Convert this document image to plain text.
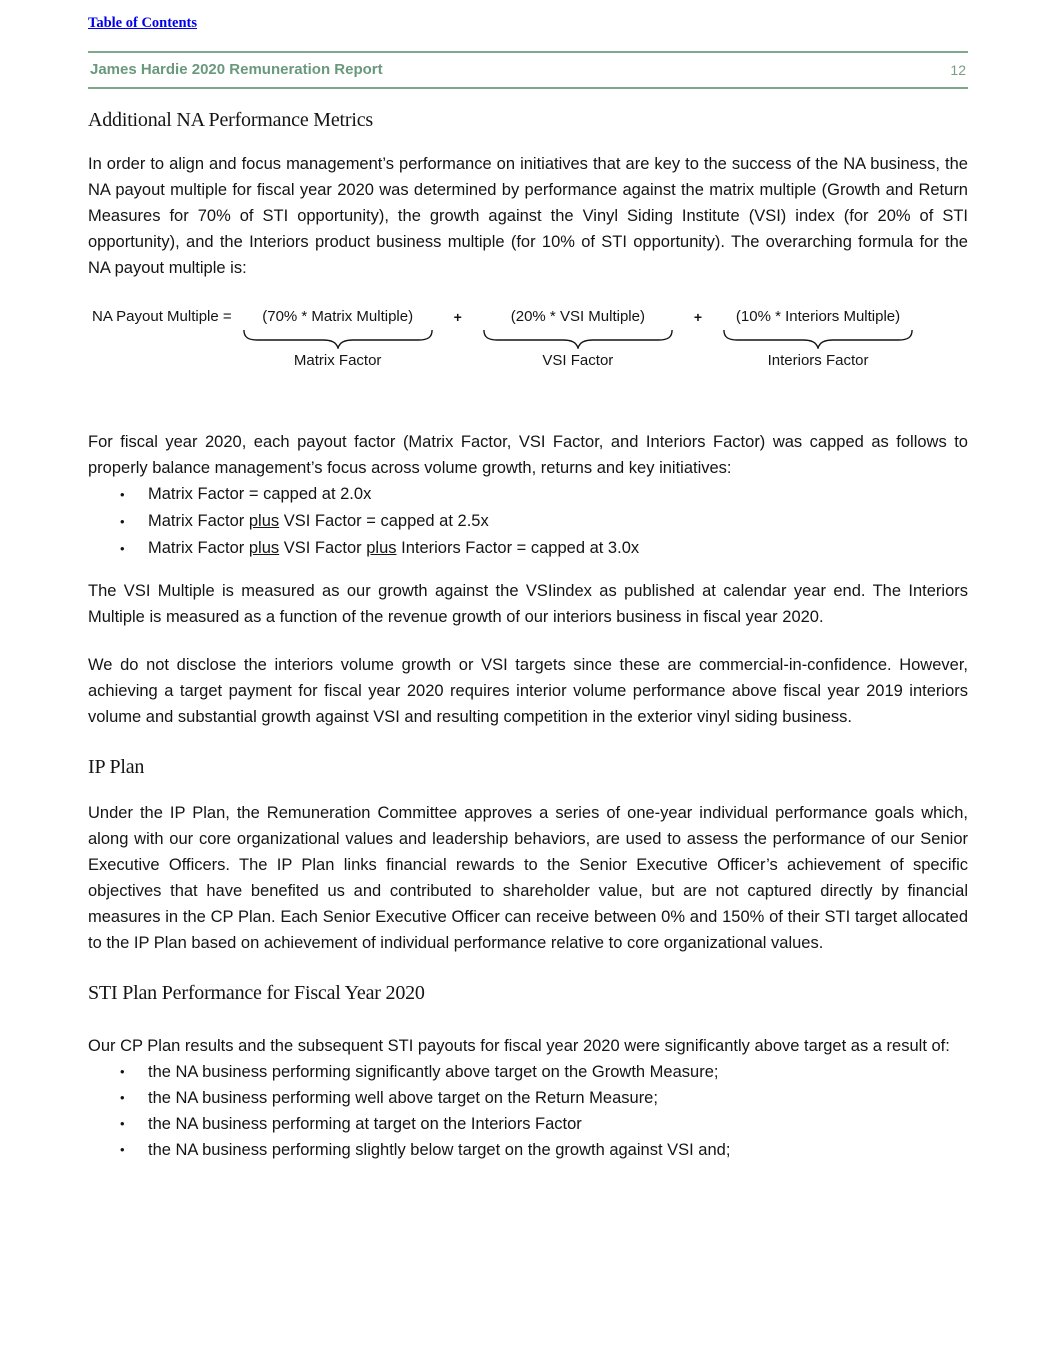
Table of Contents
James Hardie 2020 Remuneration Report	12
Additional NA Performance Metrics

In order to align and focus management’s performance on initiatives that are key to the success of the NA business, the NA payout multiple for fiscal year 2020 was determined by performance against the matrix multiple (Growth and Return Measures for 70% of STI opportunity), the growth against the Vinyl Siding Institute (VSI) index (for 20% of STI opportunity), and the Interiors product business multiple (for 10% of STI opportunity). The overarching formula for the NA payout multiple is:

NA Payout Multiple = (70% * Matrix Multiple)
Matrix Factor
+	(20% * VSI Multiple)
VSI Factor
+ (10% * Interiors Multiple)
Interiors Factor

For fiscal year 2020, each payout factor (Matrix Factor, VSI Factor, and Interiors Factor) was capped as follows to properly balance management’s focus across volume growth, returns and key initiatives:

•	Matrix Factor = capped at 2.0x
•	Matrix Factor plus VSI Factor = capped at 2.5x
•	Matrix Factor plus VSI Factor plus Interiors Factor = capped at 3.0x

The VSI Multiple is measured as our growth against the VSIindex as published at calendar year end. The Interiors Multiple is measured as a function of the revenue growth of our interiors business in fiscal year 2020.

We do not disclose the interiors volume growth or VSI targets since these are commercial-in-confidence. However, achieving a target payment for fiscal year 2020 requires interior volume performance above fiscal year 2019 interiors volume and substantial growth against VSI and resulting competition in the exterior vinyl siding business.

IP Plan

Under the IP Plan, the Remuneration Committee approves a series of one-year individual performance goals which, along with our core organizational values and leadership behaviors, are used to assess the performance of our Senior Executive Officers. The IP Plan links financial rewards to the Senior Executive Officer’s achievement of specific objectives that have benefited us and contributed to shareholder value, but are not captured directly by financial measures in the CP Plan. Each Senior Executive Officer can receive between 0% and 150% of their STI target allocated to the IP Plan based on achievement of individual performance relative to core organizational values.

STI Plan Performance for Fiscal Year 2020

Our CP Plan results and the subsequent STI payouts for fiscal year 2020 were significantly above target as a result of:

•	the NA business performing significantly above target on the Growth Measure;
•	the NA business performing well above target on the Return Measure;
•	the NA business performing at target on the Interiors Factor
•	the NA business performing slightly below target on the growth against VSI and;
